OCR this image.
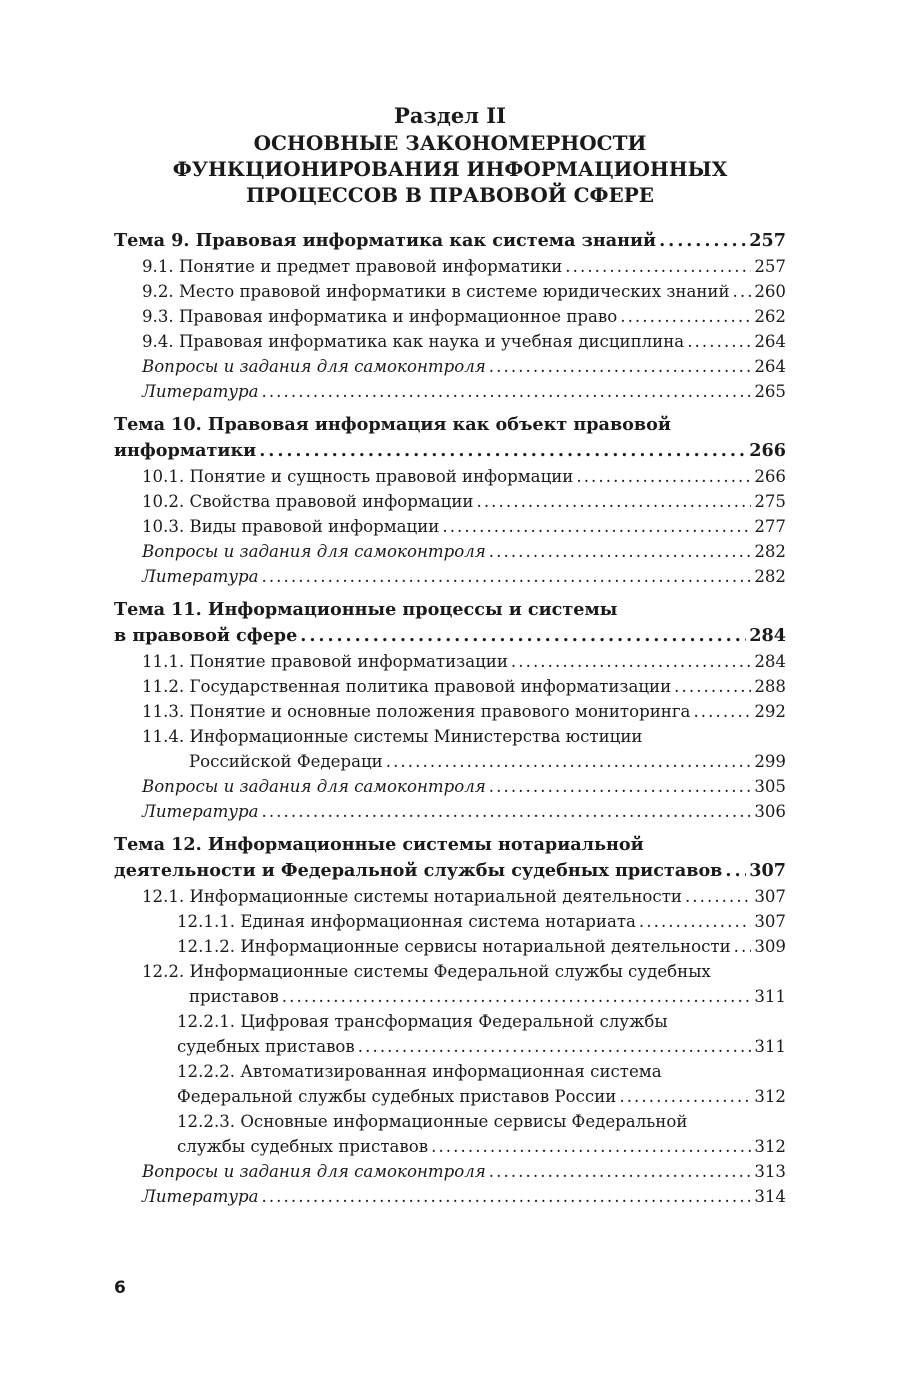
Раздел II
ОСНОВНЫЕ ЗАКОНОМЕРНОСТИ
ФУНКЦИОНИРОВАНИЯ ИНФОРМАЦИОННЫХ
ПРОЦЕССОВ В ПРАВОВОЙ СФЕРЕ
Тема 9. Правовая информатика как система знаний . . .	257
9.1. Понятие и предмет правовой информатики . . .	257
9.2. Место правовой информатики в системе юридических знаний . . . 260
9.3. Правовая информатика и информационное право . . .	262
9.4. Правовая информатика как наука и учебная дисциплина . . .	264
Вопросы и задания для самоконтроля . . .	264
Литература . . .	265
Тема 10. Правовая информация как объект правовой
информатики . . .	266
10.1. Понятие и сущность правовой информации . . .	266
10.2. Свойства правовой информации . . .	275
10.3. Виды правовой информации . . .	277
Вопросы и задания для самоконтроля . . .	282
Литература . . .	282
Тема 11. Информационные процессы и системы
в правовой сфере . . .	284
11.1. Понятие правовой информатизации . . .	284
11.2. Государственная политика правовой информатизации . . .	288
11.3. Понятие и основные положения правового мониторинга . . .	292
11.4. Информационные системы Министерства юстиции
Российской Федераци . . .	299
Вопросы и задания для самоконтроля . . .	305
Литература . . .	306
Тема 12. Информационные системы нотариальной
деятельности и Федеральной службы судебных приставов . . . 307
12.1. Информационные системы нотариальной деятельности . . .	307
12.1.1. Единая информационная система нотариата . . .	307
12.1.2. Информационные сервисы нотариальной деятельности . . . 309
12.2. Информационные системы Федеральной службы судебных
приставов . . .	311
12.2.1. Цифровая трансформация Федеральной службы
судебных приставов . . .	311
12.2.2. Автоматизированная информационная система
Федеральной службы судебных приставов России . . .	312
12.2.3. Основные информационные сервисы Федеральной
службы судебных приставов . . .	312
Вопросы и задания для самоконтроля . . .	313
Литература . . .	314
6
